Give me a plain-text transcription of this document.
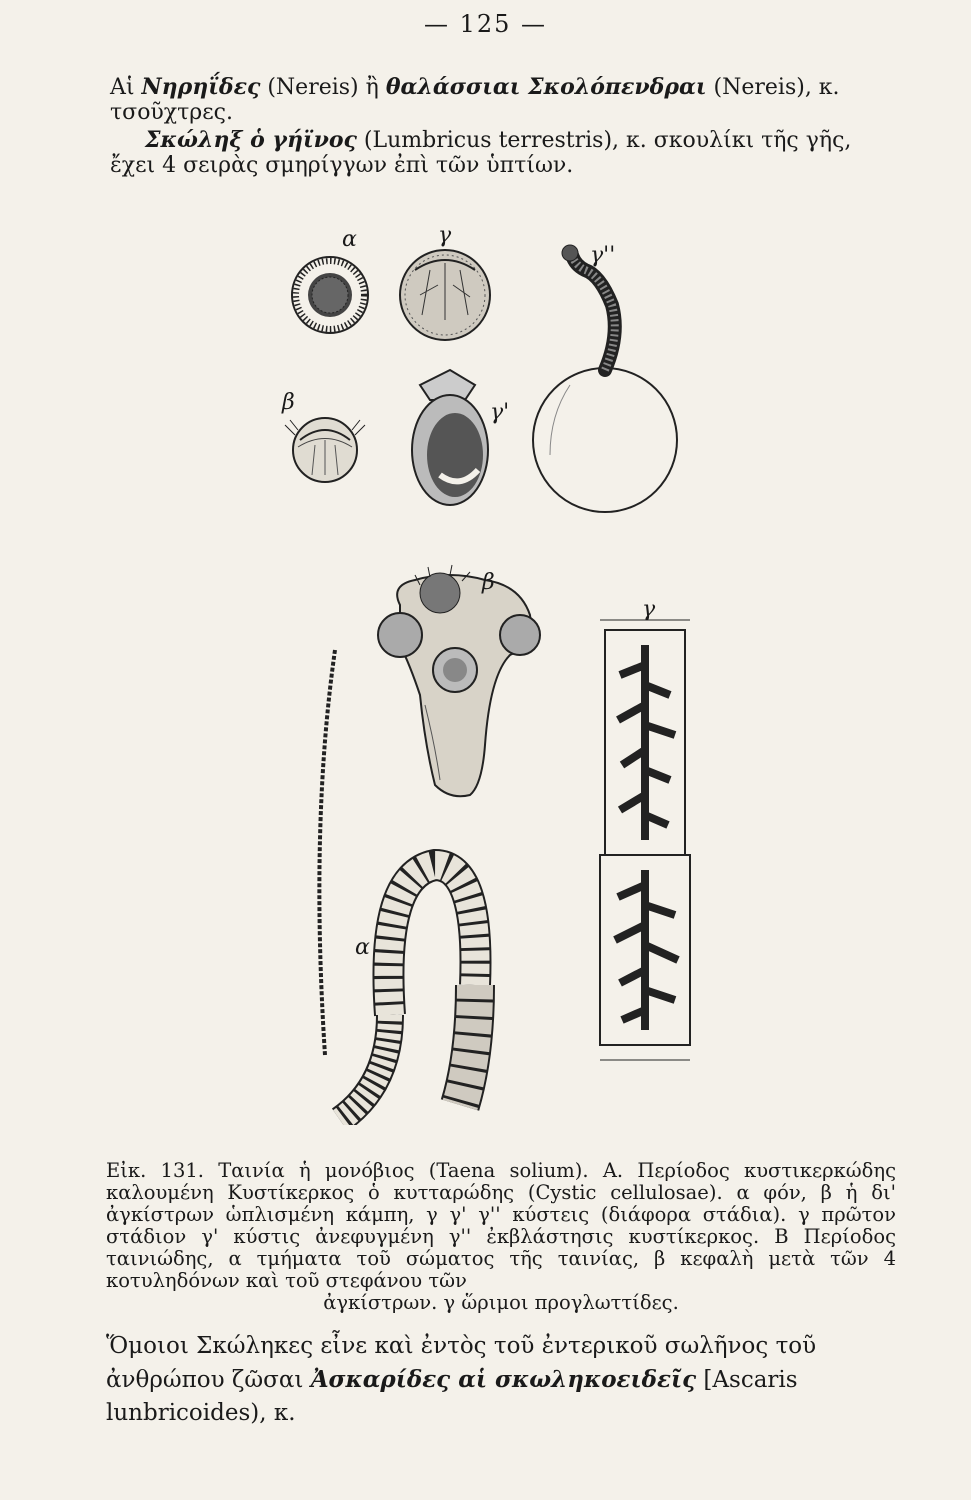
— 125 —
Αἱ Νηρηΐδες (Nereis) ἢ θαλάσσιαι Σκολόπενδραι (Nereis), κ. τσοῦχτρες.
Σκώληξ ὁ γήϊνος (Lumbricus terrestris), κ. σκουλίκι τῆς γῆς, ἔχει 4 σειρὰς σμηρίγγων ἐπὶ τῶν ὑπτίων.
α	γ
γ''
β	γ'
β
γ
α
Εἰκ. 131. Ταινία ἡ μονόβιος (Taena solium). Α. Περίοδος κυστικερκώδης καλουμένη Κυστίκερκος ὁ κυτταρώδης (Cystic cellulosae). α φόν, β ἡ δι' ἀγκίστρων ὡπλισμένη κάμπη, γ γ' γ'' κύστεις (διάφορα στάδια). γ πρῶτον στάδιον γ' κύστις ἀνεφυγμένη γ'' ἐκβλάστησις κυστίκερκος. Β Περίοδος ταινιώδης, α τμήματα τοῦ σώματος τῆς ταινίας, β κεφαλὴ μετὰ τῶν 4 κοτυληδόνων καὶ τοῦ στεφάνου τῶν
ἀγκίστρων. γ ὥριμοι προγλωττίδες.
Ὅμοιοι Σκώληκες εἶνε καὶ ἐντὸς τοῦ ἐντερικοῦ σωλῆνος τοῦ ἀνθρώπου ζῶσαι Ἀσκαρίδες αἱ σκωληκοειδεῖς [Ascaris lunbricoides), κ.
